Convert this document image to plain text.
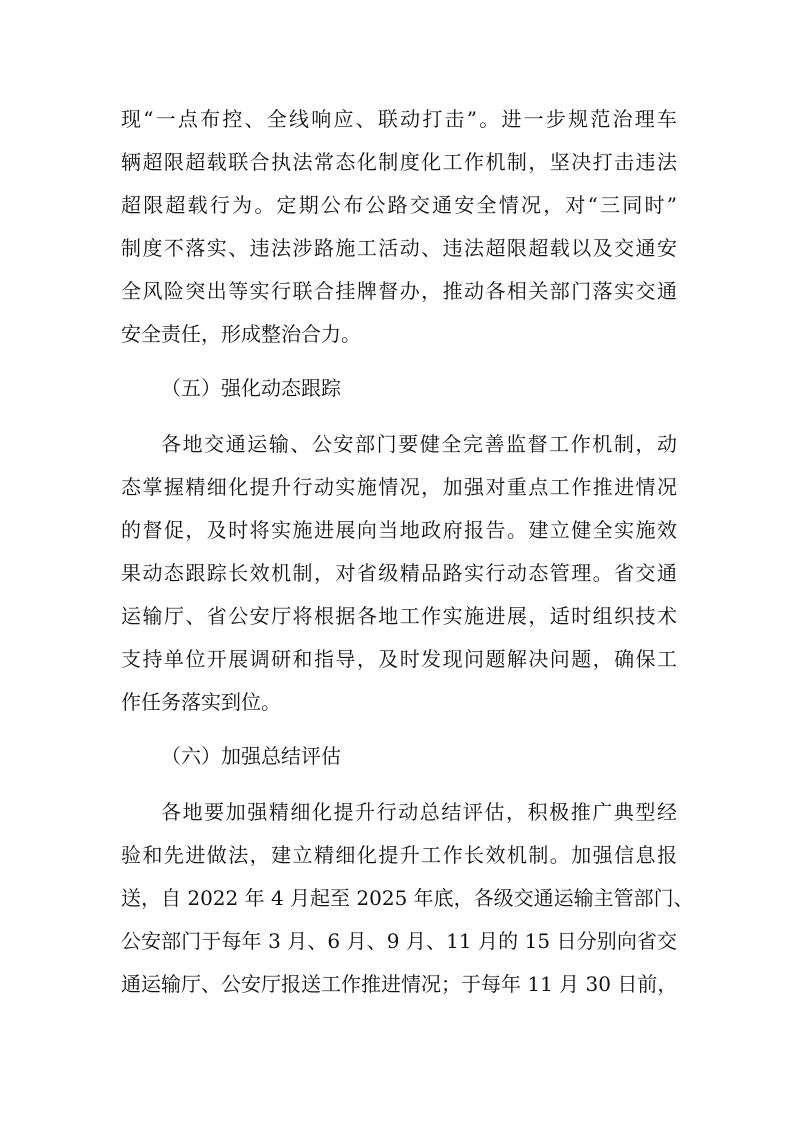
现“一点布控、全线响应、联动打击”。进一步规范治理车
辆超限超载联合执法常态化制度化工作机制，坚决打击违法
超限超载行为。定期公布公路交通安全情况，对“三同时”
制度不落实、违法涉路施工活动、违法超限超载以及交通安
全风险突出等实行联合挂牌督办，推动各相关部门落实交通
安全责任，形成整治合力。
（五）强化动态跟踪
各地交通运输、公安部门要健全完善监督工作机制，动
态掌握精细化提升行动实施情况，加强对重点工作推进情况
的督促，及时将实施进展向当地政府报告。建立健全实施效
果动态跟踪长效机制，对省级精品路实行动态管理。省交通
运输厅、省公安厅将根据各地工作实施进展，适时组织技术
支持单位开展调研和指导，及时发现问题解决问题，确保工
作任务落实到位。
（六）加强总结评估
各地要加强精细化提升行动总结评估，积极推广典型经
验和先进做法，建立精细化提升工作长效机制。加强信息报
送，自 2022 年 4 月起至 2025 年底，各级交通运输主管部门、
公安部门于每年 3 月、6 月、9 月、11 月的 15 日分别向省交
通运输厅、公安厅报送工作推进情况；于每年 11 月 30 日前，
